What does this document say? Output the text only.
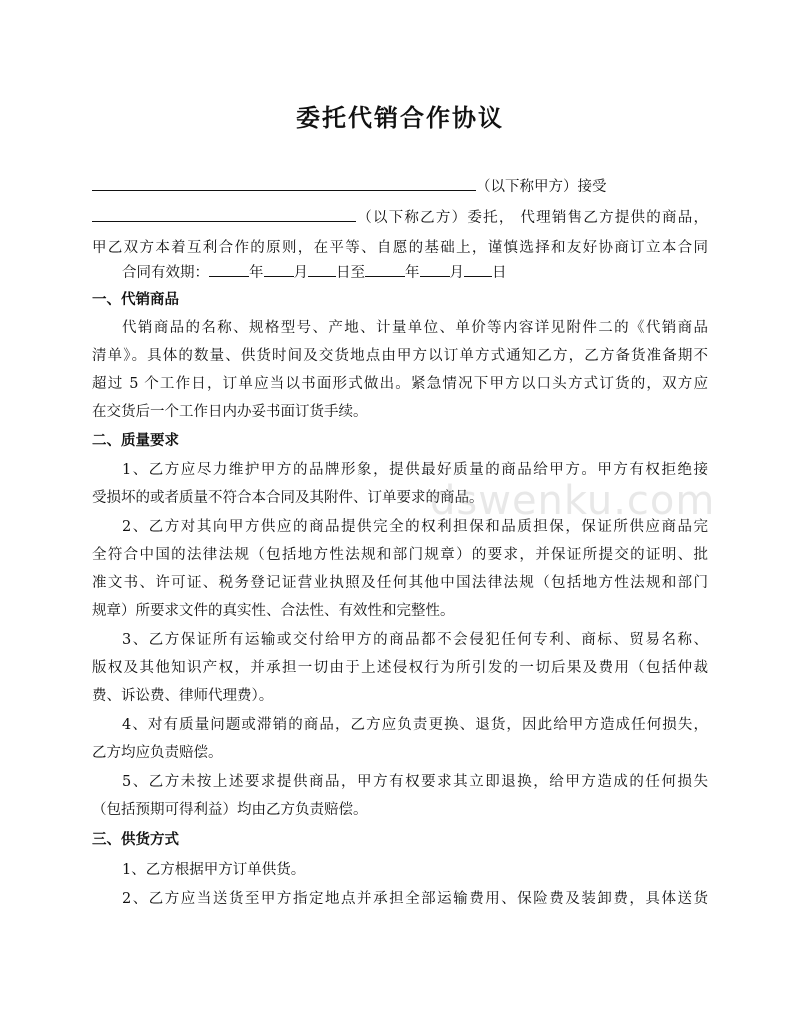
委托代销合作协议
（以下称甲方）接受
（以下称乙方）委托， 代理销售乙方提供的商品，
甲乙双方本着互利合作的原则，在平等、自愿的基础上，谨慎选择和友好协商订立本合同
合同有效期：	年 月 日至	年 月 日
一、代销商品
代销商品的名称、规格型号、产地、计量单位、单价等内容详见附件二的《代销商品
清单》。具体的数量、供货时间及交货地点由甲方以订单方式通知乙方，乙方备货准备期不
超过 5 个工作日，订单应当以书面形式做出。紧急情况下甲方以口头方式订货的，双方应
在交货后一个工作日内办妥书面订货手续。
二、质量要求
1、乙方应尽力维护甲方的品牌形象，提供最好质量的商品给甲方。甲方有权拒绝接
受损坏的或者质量不符合本合同及其附件、订单要求的商品。
2、乙方对其向甲方供应的商品提供完全的权利担保和品质担保，保证所供应商品完
全符合中国的法律法规（包括地方性法规和部门规章）的要求，并保证所提交的证明、批
准文书、许可证、税务登记证营业执照及任何其他中国法律法规（包括地方性法规和部门
规章）所要求文件的真实性、合法性、有效性和完整性。
3、乙方保证所有运输或交付给甲方的商品都不会侵犯任何专利、商标、贸易名称、
版权及其他知识产权，并承担一切由于上述侵权行为所引发的一切后果及费用（包括仲裁
费、诉讼费、律师代理费）。
4、对有质量问题或滞销的商品，乙方应负责更换、退货，因此给甲方造成任何损失，
乙方均应负责赔偿。
5、乙方未按上述要求提供商品，甲方有权要求其立即退换，给甲方造成的任何损失
（包括预期可得利益）均由乙方负责赔偿。
三、供货方式
1、乙方根据甲方订单供货。
2、乙方应当送货至甲方指定地点并承担全部运输费用、保险费及装卸费，具体送货
dswenku.com
